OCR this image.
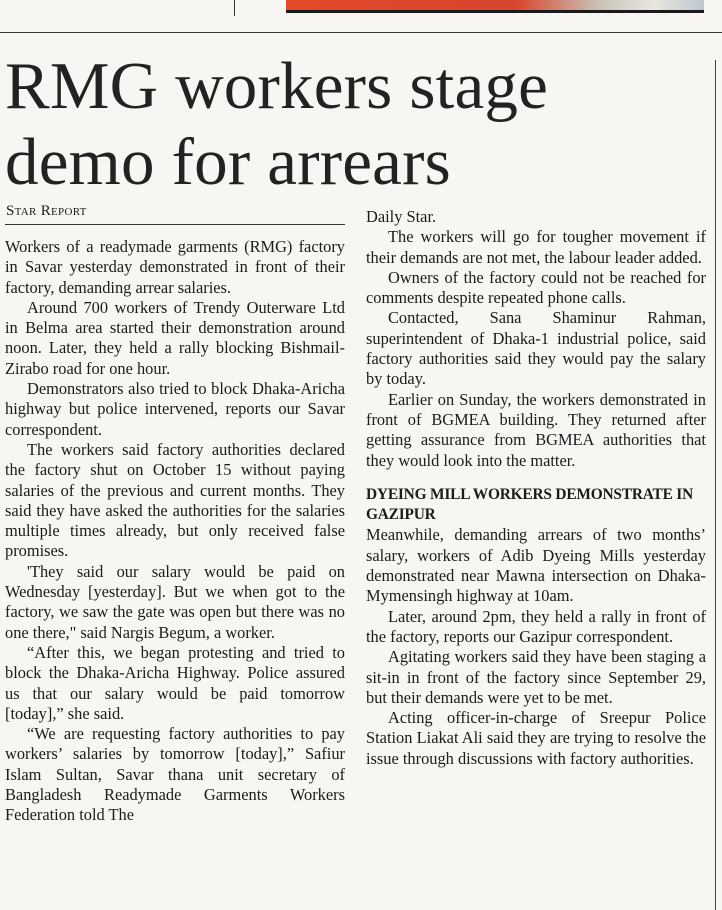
RMG workers stage demo for arrears
Star Report

Workers of a readymade garments (RMG) factory in Savar yesterday demonstrated in front of their factory, demanding arrear salaries.

Around 700 workers of Trendy Outerware Ltd in Belma area started their demonstration around noon. Later, they held a rally blocking Bishmail-Zirabo road for one hour.

Demonstrators also tried to block Dhaka-Aricha highway but police intervened, reports our Savar correspondent.

The workers said factory authorities declared the factory shut on October 15 without paying salaries of the previous and current months. They said they have asked the authorities for the salaries multiple times already, but only received false promises.

'They said our salary would be paid on Wednesday [yesterday]. But we when got to the factory, we saw the gate was open but there was no one there," said Nargis Begum, a worker.

“After this, we began protesting and tried to block the Dhaka-Aricha Highway. Police assured us that our salary would be paid tomorrow [today],” she said.

“We are requesting factory authorities to pay workers’ salaries by tomorrow [today],” Safiur Islam Sultan, Savar thana unit secretary of Bangladesh Readymade Garments Workers Federation told The

Daily Star.

The workers will go for tougher movement if their demands are not met, the labour leader added.

Owners of the factory could not be reached for comments despite repeated phone calls.

Contacted, Sana Shaminur Rahman, superintendent of Dhaka-1 industrial police, said factory authorities said they would pay the salary by today.

Earlier on Sunday, the workers demonstrated in front of BGMEA building. They returned after getting assurance from BGMEA authorities that they would look into the matter.

DYEING MILL WORKERS DEMONSTRATE IN GAZIPUR

Meanwhile, demanding arrears of two months’ salary, workers of Adib Dyeing Mills yesterday demonstrated near Mawna intersection on Dhaka-Mymensingh highway at 10am.

Later, around 2pm, they held a rally in front of the factory, reports our Gazipur correspondent.

Agitating workers said they have been staging a sit-in in front of the factory since September 29, but their demands were yet to be met.

Acting officer-in-charge of Sreepur Police Station Liakat Ali said they are trying to resolve the issue through discussions with factory authorities.
